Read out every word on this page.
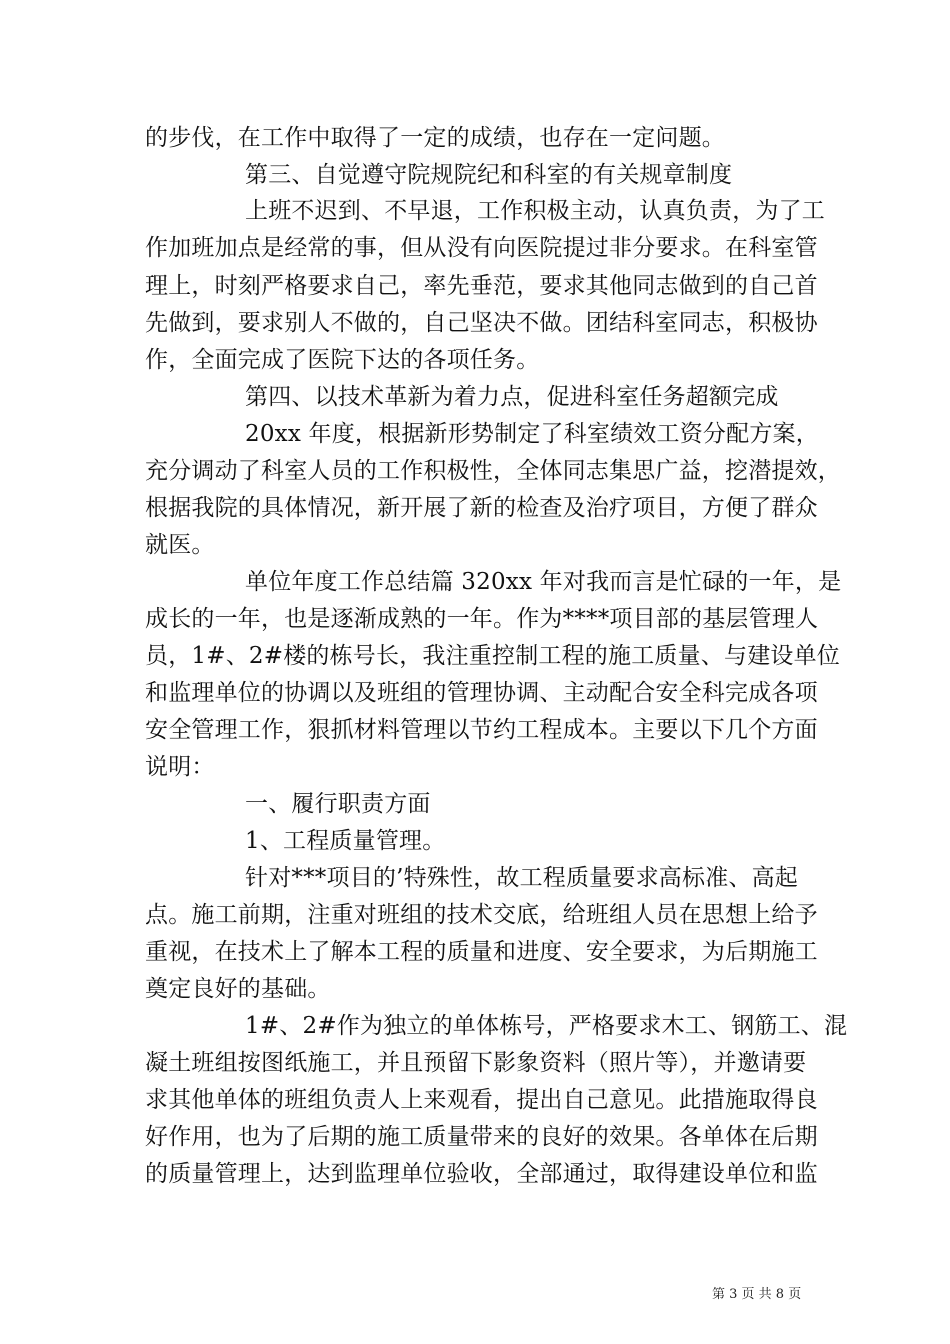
的步伐，在工作中取得了一定的成绩，也存在一定问题。
第三、自觉遵守院规院纪和科室的有关规章制度
上班不迟到、不早退，工作积极主动，认真负责，为了工
作加班加点是经常的事，但从没有向医院提过非分要求。在科室管
理上，时刻严格要求自己，率先垂范，要求其他同志做到的自己首
先做到，要求别人不做的，自己坚决不做。团结科室同志，积极协
作，全面完成了医院下达的各项任务。
第四、以技术革新为着力点，促进科室任务超额完成
20xx 年度，根据新形势制定了科室绩效工资分配方案，
充分调动了科室人员的工作积极性，全体同志集思广益，挖潜提效，
根据我院的具体情况，新开展了新的检查及治疗项目，方便了群众
就医。
单位年度工作总结篇 320xx 年对我而言是忙碌的一年，是
成长的一年，也是逐渐成熟的一年。作为****项目部的基层管理人
员，1#、2#楼的栋号长，我注重控制工程的施工质量、与建设单位
和监理单位的协调以及班组的管理协调、主动配合安全科完成各项
安全管理工作，狠抓材料管理以节约工程成本。主要以下几个方面
说明：
一、履行职责方面
1、工程质量管理。
针对***项目的’特殊性，故工程质量要求高标准、高起
点。施工前期，注重对班组的技术交底，给班组人员在思想上给予
重视，在技术上了解本工程的质量和进度、安全要求，为后期施工
奠定良好的基础。
1#、2#作为独立的单体栋号，严格要求木工、钢筋工、混
凝土班组按图纸施工，并且预留下影象资料（照片等），并邀请要
求其他单体的班组负责人上来观看，提出自己意见。此措施取得良
好作用，也为了后期的施工质量带来的良好的效果。各单体在后期
的质量管理上，达到监理单位验收，全部通过，取得建设单位和监
第 3 页 共 8 页
